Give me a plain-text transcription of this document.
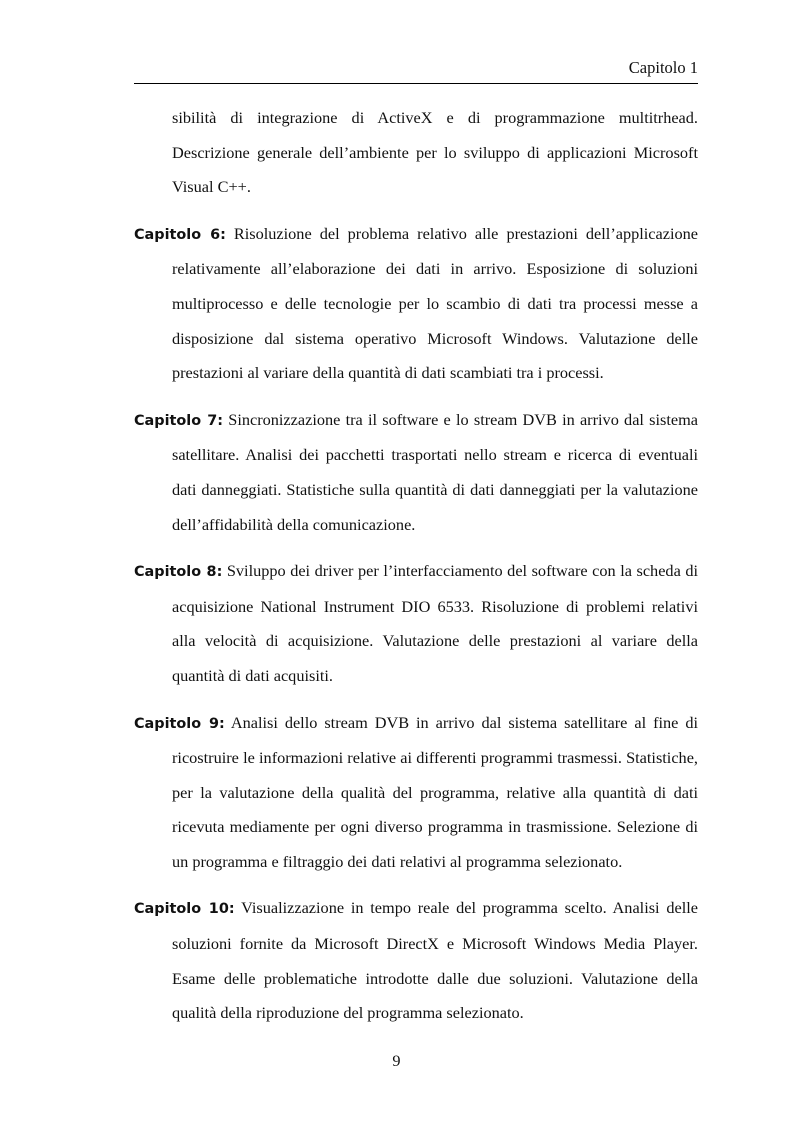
Capitolo 1

sibilità di integrazione di ActiveX e di programmazione multitrhead. Descrizione generale dell’ambiente per lo sviluppo di applicazioni Microsoft Visual C++.

Capitolo 6: Risoluzione del problema relativo alle prestazioni dell’applicazione relativamente all’elaborazione dei dati in arrivo. Esposizione di soluzioni multiprocesso e delle tecnologie per lo scambio di dati tra processi messe a disposizione dal sistema operativo Microsoft Windows. Valutazione delle prestazioni al variare della quantità di dati scambiati tra i processi.

Capitolo 7: Sincronizzazione tra il software e lo stream DVB in arrivo dal sistema satellitare. Analisi dei pacchetti trasportati nello stream e ricerca di eventuali dati danneggiati. Statistiche sulla quantità di dati danneggiati per la valutazione dell’affidabilità della comunicazione.

Capitolo 8: Sviluppo dei driver per l’interfacciamento del software con la scheda di acquisizione National Instrument DIO 6533. Risoluzione di problemi relativi alla velocità di acquisizione. Valutazione delle prestazioni al variare della quantità di dati acquisiti.

Capitolo 9: Analisi dello stream DVB in arrivo dal sistema satellitare al fine di ricostruire le informazioni relative ai differenti programmi trasmessi. Statistiche, per la valutazione della qualità del programma, relative alla quantità di dati ricevuta mediamente per ogni diverso programma in trasmissione. Selezione di un programma e filtraggio dei dati relativi al programma selezionato.

Capitolo 10: Visualizzazione in tempo reale del programma scelto. Analisi delle soluzioni fornite da Microsoft DirectX e Microsoft Windows Media Player. Esame delle problematiche introdotte dalle due soluzioni. Valutazione della qualità della riproduzione del programma selezionato.

9
